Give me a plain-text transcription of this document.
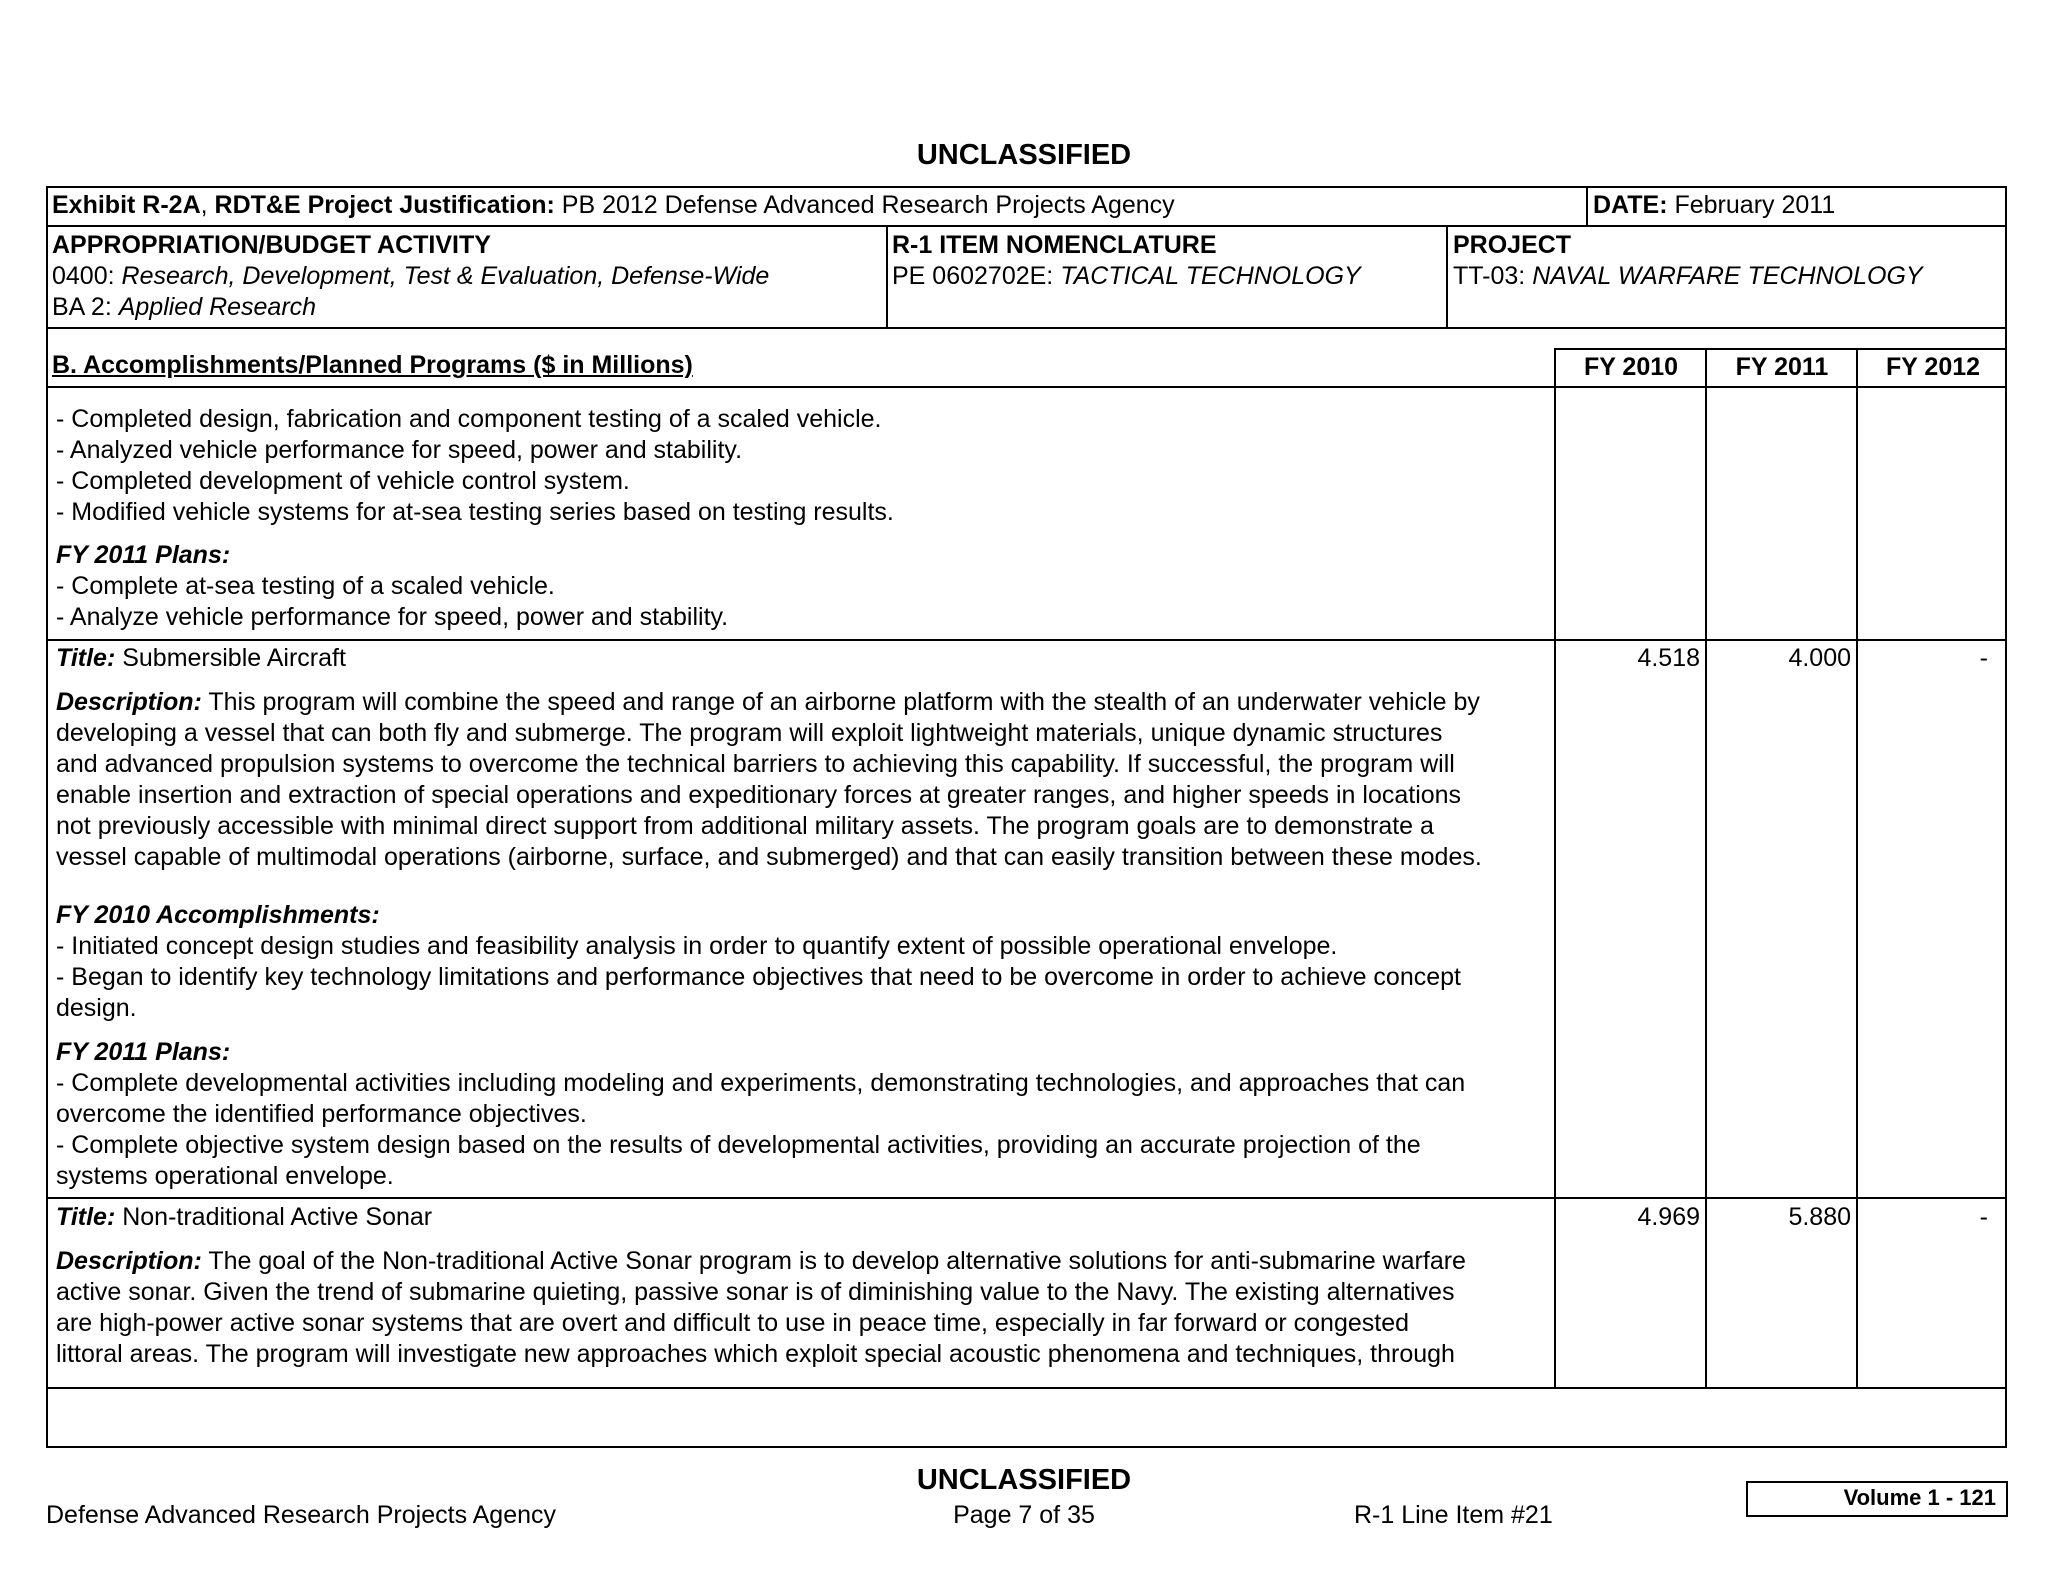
UNCLASSIFIED
Exhibit R-2A, RDT&E Project Justification: PB 2012 Defense Advanced Research Projects Agency	DATE: February 2011
APPROPRIATION/BUDGET ACTIVITY
0400: Research, Development, Test & Evaluation, Defense-Wide
BA 2: Applied Research
R-1 ITEM NOMENCLATURE
PE 0602702E: TACTICAL TECHNOLOGY
PROJECT
TT-03: NAVAL WARFARE TECHNOLOGY
B. Accomplishments/Planned Programs ($ in Millions)	FY 2010	FY 2011	FY 2012
- Completed design, fabrication and component testing of a scaled vehicle.
- Analyzed vehicle performance for speed, power and stability.
- Completed development of vehicle control system.
- Modified vehicle systems for at-sea testing series based on testing results.
FY 2011 Plans:
- Complete at-sea testing of a scaled vehicle.
- Analyze vehicle performance for speed, power and stability.
Title: Submersible Aircraft	4.518	4.000	-
Description: This program will combine the speed and range of an airborne platform with the stealth of an underwater vehicle by
developing a vessel that can both fly and submerge. The program will exploit lightweight materials, unique dynamic structures
and advanced propulsion systems to overcome the technical barriers to achieving this capability. If successful, the program will
enable insertion and extraction of special operations and expeditionary forces at greater ranges, and higher speeds in locations
not previously accessible with minimal direct support from additional military assets. The program goals are to demonstrate a
vessel capable of multimodal operations (airborne, surface, and submerged) and that can easily transition between these modes.
FY 2010 Accomplishments:
- Initiated concept design studies and feasibility analysis in order to quantify extent of possible operational envelope.
- Began to identify key technology limitations and performance objectives that need to be overcome in order to achieve concept
design.
FY 2011 Plans:
- Complete developmental activities including modeling and experiments, demonstrating technologies, and approaches that can
overcome the identified performance objectives.
- Complete objective system design based on the results of developmental activities, providing an accurate projection of the
systems operational envelope.
Title: Non-traditional Active Sonar	4.969	5.880	-
Description: The goal of the Non-traditional Active Sonar program is to develop alternative solutions for anti-submarine warfare
active sonar. Given the trend of submarine quieting, passive sonar is of diminishing value to the Navy. The existing alternatives
are high-power active sonar systems that are overt and difficult to use in peace time, especially in far forward or congested
littoral areas. The program will investigate new approaches which exploit special acoustic phenomena and techniques, through
UNCLASSIFIED
Defense Advanced Research Projects Agency	Page 7 of 35	R-1 Line Item #21
Volume 1 - 121
